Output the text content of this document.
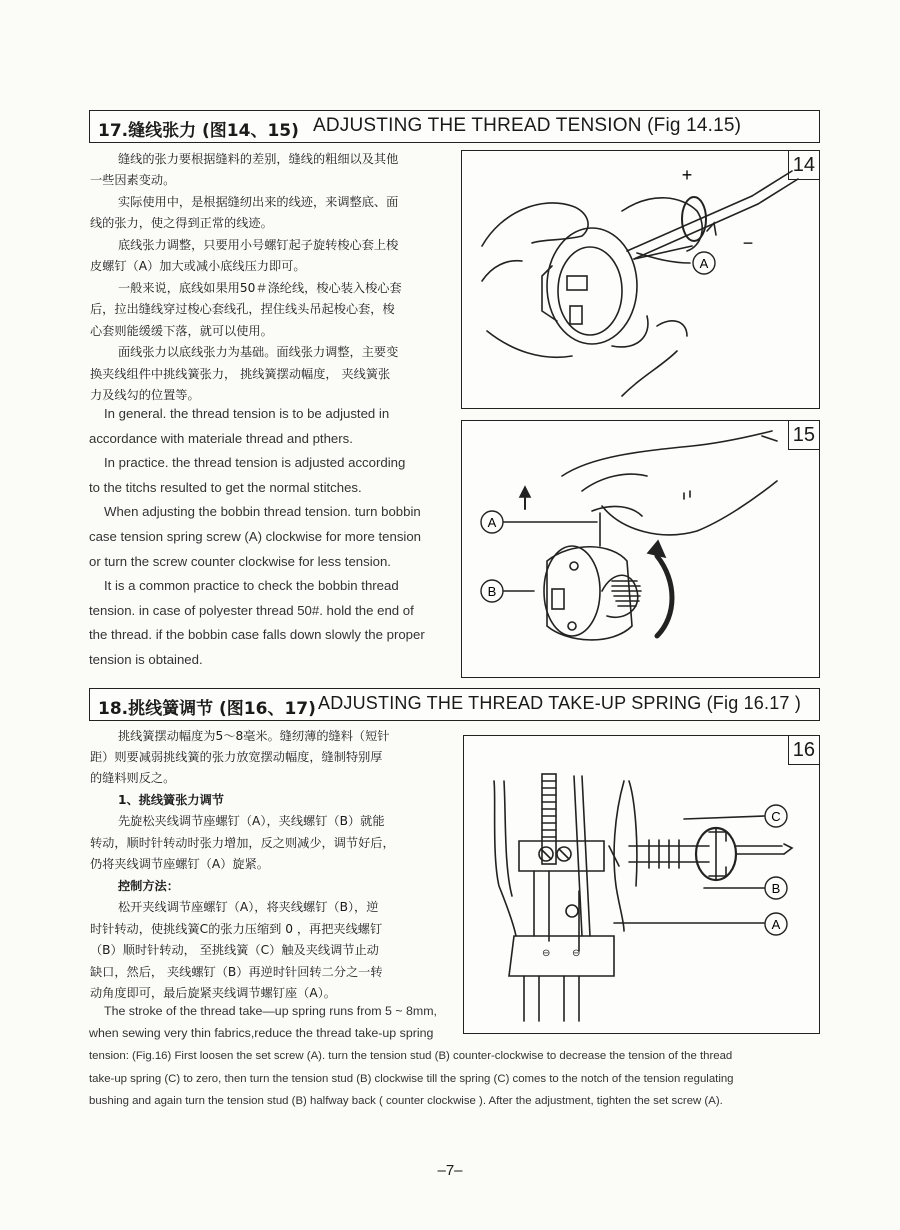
17.缝线张力 (图14、15) ADJUSTING THE THREAD TENSION (Fig 14.15)

缝线的张力要根据缝料的差别，缝线的粗细以及其他

一些因素变动。

实际使用中，是根据缝纫出来的线迹，来调整底、面

线的张力，使之得到正常的线迹。

底线张力调整，只要用小号螺钉起子旋转梭心套上梭

皮螺钉（A）加大或减小底线压力即可。

一般来说，底线如果用50＃涤纶线，梭心装入梭心套

后，拉出缝线穿过梭心套线孔，捏住线头吊起梭心套，梭

心套则能缓缓下落，就可以使用。

面线张力以底线张力为基础。面线张力调整，主要变

换夹线组件中挑线簧张力， 挑线簧摆动幅度， 夹线簧张

力及线勾的位置等。

In general. the thread tension is to be adjusted in

accordance with materiale thread and pthers.

In practice. the thread tension is adjusted according

to the titchs resulted to get the normal stitches.

When adjusting the bobbin thread tension. turn bobbin

case tension spring screw (A) clockwise for more tension

or turn the screw counter clockwise for less tension.

It is a common practice to check the bobbin thread

tension. in case of polyester thread 50#. hold the end of

the thread. if the bobbin case falls down slowly the proper

tension is obtained.

14
A
+
−
15
A
B
18.挑线簧调节 (图16、17) ADJUSTING THE THREAD TAKE-UP SPRING (Fig 16.17 )

挑线簧摆动幅度为5～8毫米。缝纫薄的缝料（短针

距）则要减弱挑线簧的张力放宽摆动幅度，缝制特别厚

的缝料则反之。

1、挑线簧张力调节

先旋松夹线调节座螺钉（A），夹线螺钉（B）就能

转动，顺时针转动时张力增加，反之则减少，调节好后，

仍将夹线调节座螺钉（A）旋紧。

控制方法：

松开夹线调节座螺钉（A），将夹线螺钉（B），逆

时针转动，使挑线簧C的张力压缩到 0 ，再把夹线螺钉

（B）顺时针转动， 至挑线簧（C）触及夹线调节止动

缺口，然后， 夹线螺钉（B）再逆时针回转二分之一转

动角度即可，最后旋紧夹线调节螺钉座（A）。

The stroke of the thread take—up spring runs from 5 ~ 8mm,

when sewing very thin fabrics,reduce the thread take-up spring

tension: (Fig.16) First loosen the set screw (A). turn the tension stud (B) counter-clockwise to decrease the tension of the thread

take-up spring (C) to zero, then turn the tension stud (B) clockwise till the spring (C) comes to the notch of the tension regulating

bushing and again turn the tension stud (B) halfway back ( counter clockwise ). After the adjustment, tighten the set screw (A).

16
⊖ ⊖
C
B
A
–7–
